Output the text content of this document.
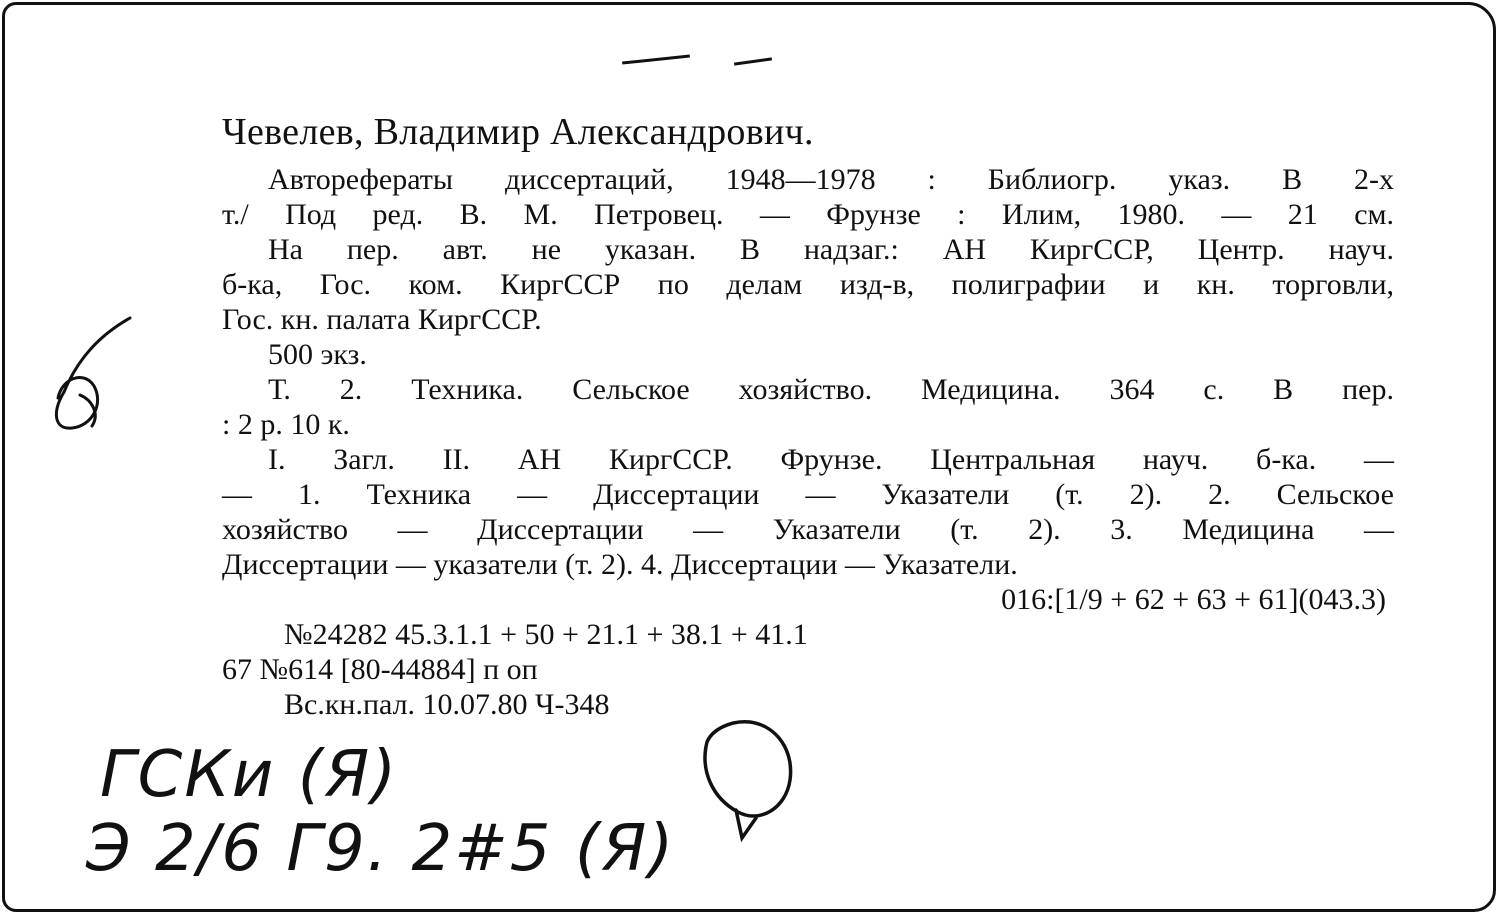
Чевелев, Владимир Александрович.
Авторефераты диссертаций, 1948—1978 : Библиогр. указ. В 2-х
т./ Под ред. В. М. Петровец. — Фрунзе : Илим, 1980. — 21 см.
На пер. авт. не указан. В надзаг.: АН КиргССР, Центр. науч.
б-ка, Гос. ком. КиргССР по делам изд-в, полиграфии и кн. торговли,
Гос. кн. палата КиргССР.
500 экз.
Т. 2. Техника. Сельское хозяйство. Медицина. 364 с. В пер.
: 2 р. 10 к.
I. Загл. II. АН КиргССР. Фрунзе. Центральная науч. б-ка. —
— 1. Техника — Диссертации — Указатели (т. 2). 2. Сельское
хозяйство — Диссертации — Указатели (т. 2). 3. Медицина —
Диссертации — указатели (т. 2). 4. Диссертации — Указатели.
016:[1/9 + 62 + 63 + 61](043.3)
№24282 45.3.1.1 + 50 + 21.1 + 38.1 + 41.1
67 №614 [80-44884] п оп
Вс.кн.пал. 10.07.80 Ч-348
ГСКи (Я)
Э 2/6 Г9. 2#5 (Я)
